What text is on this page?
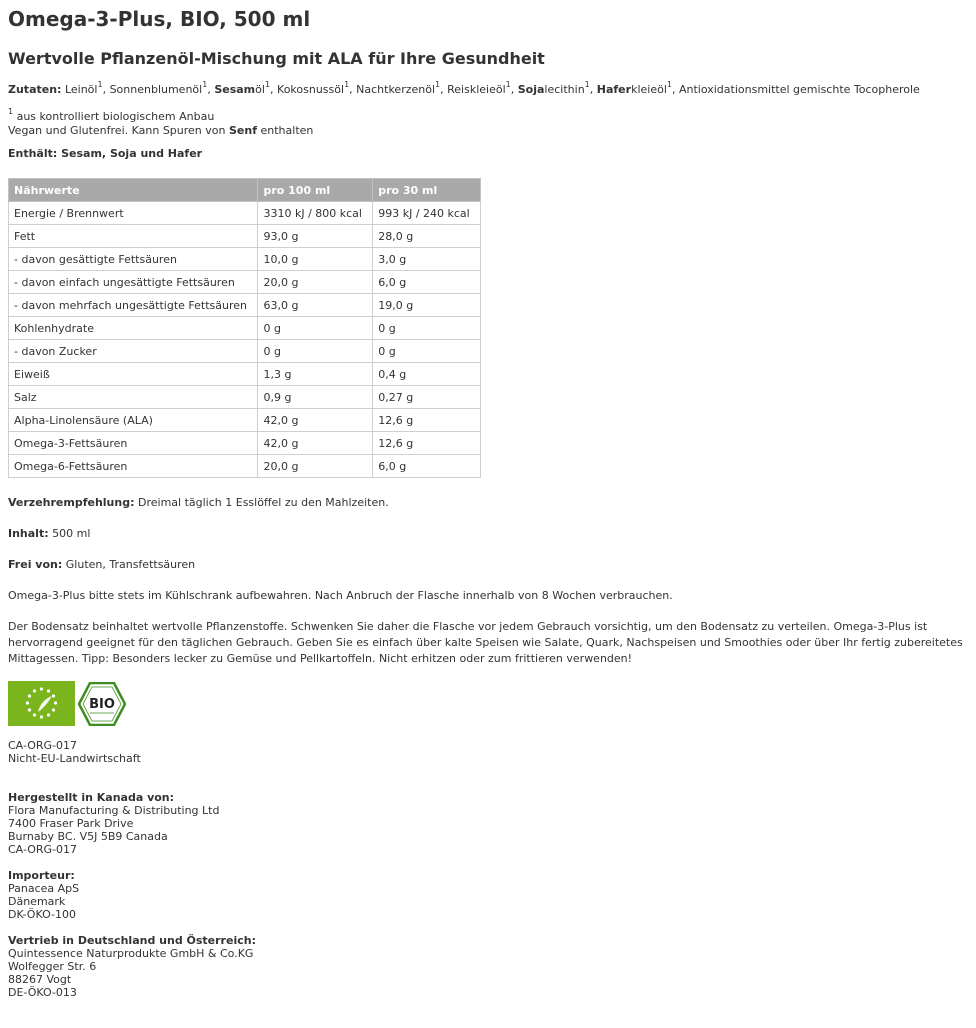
Omega-3-Plus, BIO, 500 ml
Wertvolle Pflanzenöl-Mischung mit ALA für Ihre Gesundheit

Zutaten: Leinöl$^1$, Sonnenblumenöl$^1$, Sesamöl$^1$, Kokosnussöl$^1$, Nachtkerzenöl$^1$, Reiskleieöl$^1$, Sojalecithin$^1$, Haferkleieöl$^1$, Antioxidationsmittel gemischte Tocopherole

$^1$ aus kontrolliert biologischem Anbau

Vegan und Glutenfrei. Kann Spuren von Senf enthalten

Enthält: Sesam, Soja und Hafer

Nährwerte	pro 100 ml	pro 30 ml
Energie / Brennwert	3310 kJ / 800 kcal	993 kJ / 240 kcal
Fett	93,0 g	28,0 g
- davon gesättigte Fettsäuren	10,0 g	3,0 g
- davon einfach ungesättigte Fettsäuren	20,0 g	6,0 g
- davon mehrfach ungesättigte Fettsäuren	63,0 g	19,0 g
Kohlenhydrate	0 g	0 g
- davon Zucker	0 g	0 g
Eiweiß	1,3 g	0,4 g
Salz	0,9 g	0,27 g
Alpha-Linolensäure (ALA)	42,0 g	12,6 g
Omega-3-Fettsäuren	42,0 g	12,6 g
Omega-6-Fettsäuren	20,0 g	6,0 g

Verzehrempfehlung: Dreimal täglich 1 Esslöffel zu den Mahlzeiten.

Inhalt: 500 ml

Frei von: Gluten, Transfettsäuren

Omega-3-Plus bitte stets im Kühlschrank aufbewahren. Nach Anbruch der Flasche innerhalb von 8 Wochen verbrauchen.

Der Bodensatz beinhaltet wertvolle Pflanzenstoffe. Schwenken Sie daher die Flasche vor jedem Gebrauch vorsichtig, um den Bodensatz zu verteilen. Omega-3-Plus ist hervorragend geeignet für den täglichen Gebrauch. Geben Sie es einfach über kalte Speisen wie Salate, Quark, Nachspeisen und Smoothies oder über Ihr fertig zubereitetes Mittagessen. Tipp: Besonders lecker zu Gemüse und Pellkartoffeln. Nicht erhitzen oder zum frittieren verwenden!

BIO
CA-ORG-017
Nicht-EU-Landwirtschaft
Hergestellt in Kanada von:
Flora Manufacturing & Distributing Ltd
7400 Fraser Park Drive
Burnaby BC. V5J 5B9 Canada
CA-ORG-017
Importeur:
Panacea ApS
Dänemark
DK-ÖKO-100
Vertrieb in Deutschland und Österreich:
Quintessence Naturprodukte GmbH & Co.KG
Wolfegger Str. 6
88267 Vogt
DE-ÖKO-013
